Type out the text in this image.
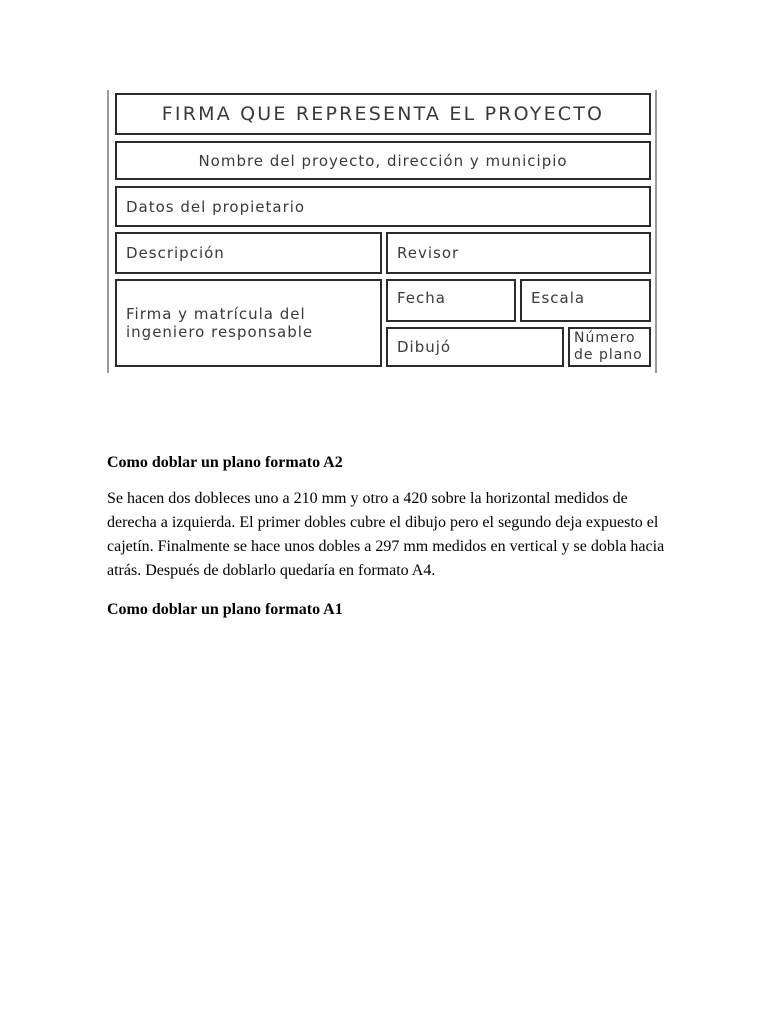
FIRMA QUE REPRESENTA EL PROYECTO
Nombre del proyecto, dirección y municipio
Datos del propietario
Descripción	Revisor
Firma y matrícula del
ingeniero responsable
Fecha	Escala
Dibujó	Número
de plano
Como doblar un plano formato A2

Se hacen dos dobleces uno a 210 mm y otro a 420 sobre la horizontal medidos de derecha a izquierda. El primer dobles cubre el dibujo pero el segundo deja expuesto el cajetín. Finalmente se hace unos dobles a 297 mm medidos en vertical y se dobla hacia atrás. Después de doblarlo quedaría en formato A4.

Como doblar un plano formato A1
